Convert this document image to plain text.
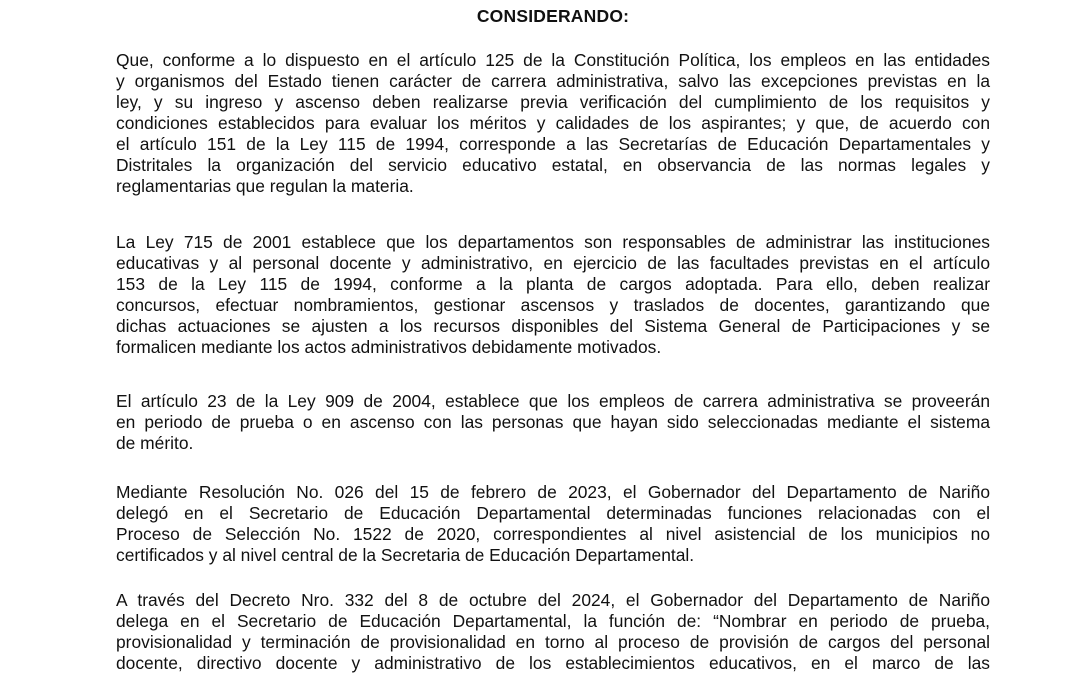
CONSIDERANDO:
Que, conforme a lo dispuesto en el artículo 125 de la Constitución Política, los empleos en las entidades
y organismos del Estado tienen carácter de carrera administrativa, salvo las excepciones previstas en la
ley, y su ingreso y ascenso deben realizarse previa verificación del cumplimiento de los requisitos y
condiciones establecidos para evaluar los méritos y calidades de los aspirantes; y que, de acuerdo con
el artículo 151 de la Ley 115 de 1994, corresponde a las Secretarías de Educación Departamentales y
Distritales la organización del servicio educativo estatal, en observancia de las normas legales y
reglamentarias que regulan la materia.
La Ley 715 de 2001 establece que los departamentos son responsables de administrar las instituciones
educativas y al personal docente y administrativo, en ejercicio de las facultades previstas en el artículo
153 de la Ley 115 de 1994, conforme a la planta de cargos adoptada. Para ello, deben realizar
concursos, efectuar nombramientos, gestionar ascensos y traslados de docentes, garantizando que
dichas actuaciones se ajusten a los recursos disponibles del Sistema General de Participaciones y se
formalicen mediante los actos administrativos debidamente motivados.
El artículo 23 de la Ley 909 de 2004, establece que los empleos de carrera administrativa se proveerán
en periodo de prueba o en ascenso con las personas que hayan sido seleccionadas mediante el sistema
de mérito.
Mediante Resolución No. 026 del 15 de febrero de 2023, el Gobernador del Departamento de Nariño
delegó en el Secretario de Educación Departamental determinadas funciones relacionadas con el
Proceso de Selección No. 1522 de 2020, correspondientes al nivel asistencial de los municipios no
certificados y al nivel central de la Secretaria de Educación Departamental.
A través del Decreto Nro. 332 del 8 de octubre del 2024, el Gobernador del Departamento de Nariño
delega en el Secretario de Educación Departamental, la función de: “Nombrar en periodo de prueba,
provisionalidad y terminación de provisionalidad en torno al proceso de provisión de cargos del personal
docente, directivo docente y administrativo de los establecimientos educativos, en el marco de las
